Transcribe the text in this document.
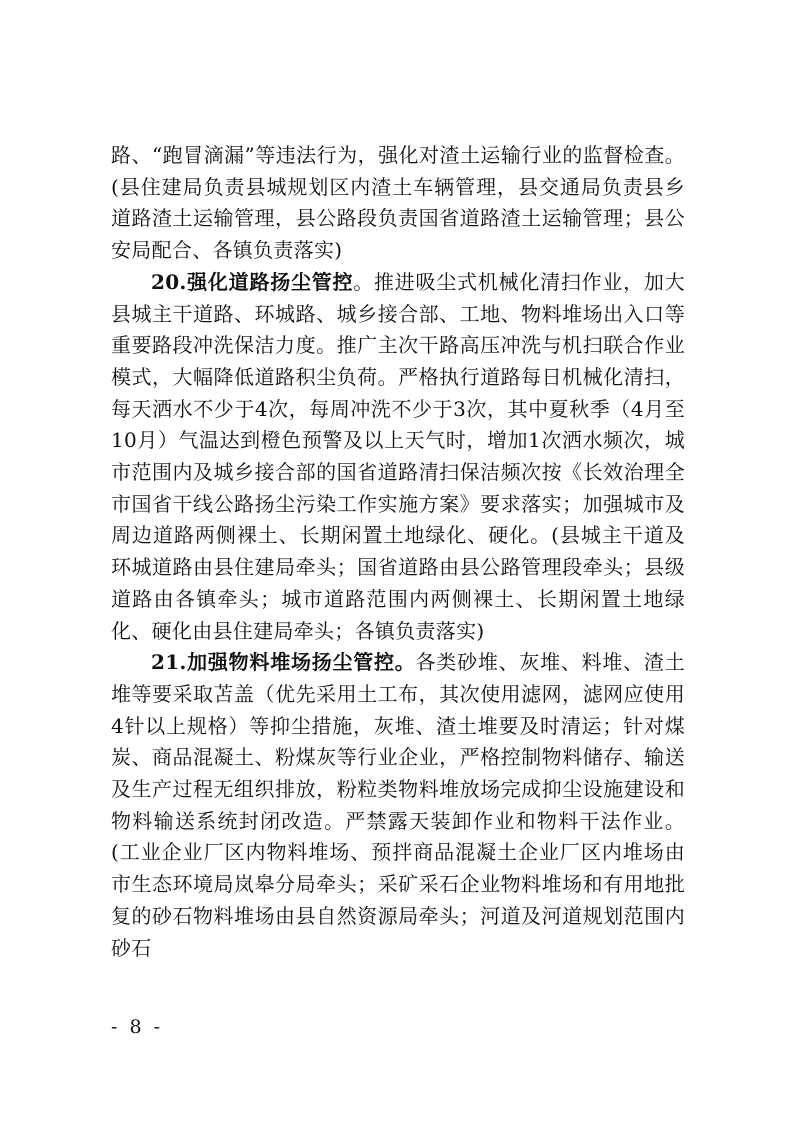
路、“跑冒滴漏”等违法行为，强化对渣土运输行业的监督检查。(县住建局负责县城规划区内渣土车辆管理，县交通局负责县乡道路渣土运输管理，县公路段负责国省道路渣土运输管理；县公安局配合、各镇负责落实)

20.强化道路扬尘管控。推进吸尘式机械化清扫作业，加大县城主干道路、环城路、城乡接合部、工地、物料堆场出入口等重要路段冲洗保洁力度。推广主次干路高压冲洗与机扫联合作业模式，大幅降低道路积尘负荷。严格执行道路每日机械化清扫，每天洒水不少于4次，每周冲洗不少于3次，其中夏秋季（4月至10月）气温达到橙色预警及以上天气时，增加1次洒水频次，城市范围内及城乡接合部的国省道路清扫保洁频次按《长效治理全市国省干线公路扬尘污染工作实施方案》要求落实；加强城市及周边道路两侧裸土、长期闲置土地绿化、硬化。(县城主干道及环城道路由县住建局牵头；国省道路由县公路管理段牵头；县级道路由各镇牵头；城市道路范围内两侧裸土、长期闲置土地绿化、硬化由县住建局牵头；各镇负责落实)

21.加强物料堆场扬尘管控。各类砂堆、灰堆、料堆、渣土堆等要采取苫盖（优先采用土工布，其次使用滤网，滤网应使用4针以上规格）等抑尘措施，灰堆、渣土堆要及时清运；针对煤炭、商品混凝土、粉煤灰等行业企业，严格控制物料储存、输送及生产过程无组织排放，粉粒类物料堆放场完成抑尘设施建设和物料输送系统封闭改造。严禁露天装卸作业和物料干法作业。(工业企业厂区内物料堆场、预拌商品混凝土企业厂区内堆场由市生态环境局岚皋分局牵头；采矿采石企业物料堆场和有用地批复的砂石物料堆场由县自然资源局牵头；河道及河道规划范围内砂石

- 8 -
